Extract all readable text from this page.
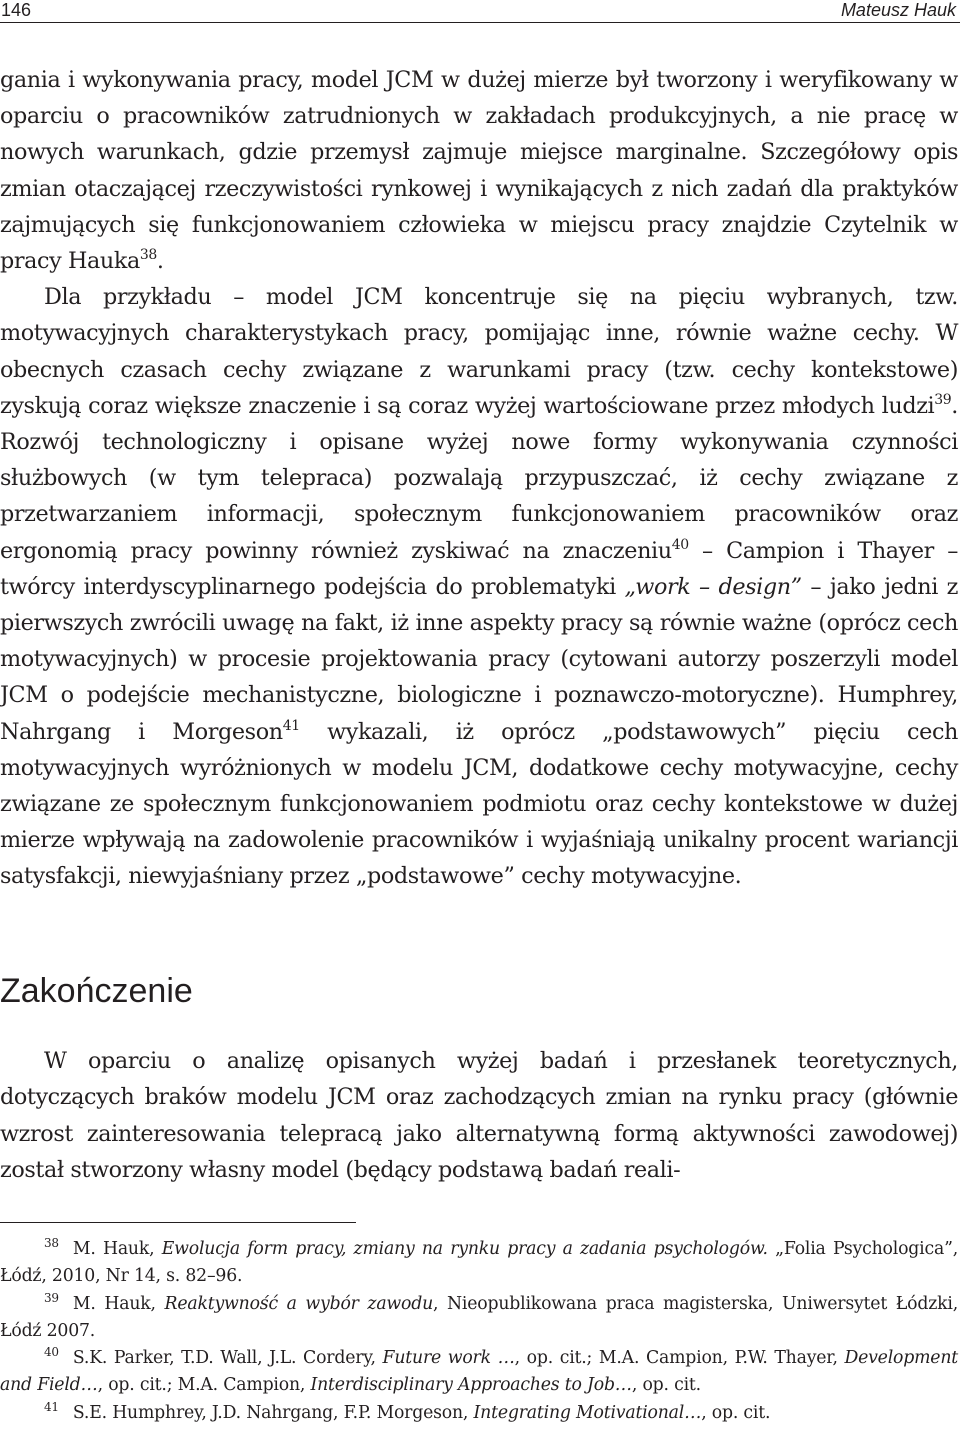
146	Mateusz Hauk

gania i wykonywania pracy, model JCM w dużej mierze był tworzony i weryfikowany w oparciu o pracowników zatrudnionych w zakładach produkcyjnych, a nie pracę w nowych warunkach, gdzie przemysł zajmuje miejsce marginalne. Szczegółowy opis zmian otaczającej rzeczywistości rynkowej i wynikających z nich zadań dla praktyków zajmujących się funkcjonowaniem człowieka w miejscu pracy znajdzie Czytelnik w pracy Hauka$^{38}$.

Dla przykładu – model JCM koncentruje się na pięciu wybranych, tzw. motywacyjnych charakterystykach pracy, pomijając inne, równie ważne cechy. W obecnych czasach cechy związane z warunkami pracy (tzw. cechy kontekstowe) zyskują coraz większe znaczenie i są coraz wyżej wartościowane przez młodych ludzi$^{39}$. Rozwój technologiczny i opisane wyżej nowe formy wykonywania czynności służbowych (w tym telepraca) pozwalają przypuszczać, iż cechy związane z przetwarzaniem informacji, społecznym funkcjonowaniem pracowników oraz ergonomią pracy powinny również zyskiwać na znaczeniu$^{40}$ – Campion i Thayer – twórcy interdyscyplinarnego podejścia do problematyki „work – design” – jako jedni z pierwszych zwrócili uwagę na fakt, iż inne aspekty pracy są równie ważne (oprócz cech motywacyjnych) w procesie projektowania pracy (cytowani autorzy poszerzyli model JCM o podejście mechanistyczne, biologiczne i poznawczo-motoryczne). Humphrey, Nahrgang i Morgeson$^{41}$ wykazali, iż oprócz „podstawowych” pięciu cech motywacyjnych wyróżnionych w modelu JCM, dodatkowe cechy motywacyjne, cechy związane ze społecznym funkcjonowaniem podmiotu oraz cechy kontekstowe w dużej mierze wpływają na zadowolenie pracowników i wyjaśniają unikalny procent wariancji satysfakcji, niewyjaśniany przez „podstawowe” cechy motywacyjne.

Zakończenie

W oparciu o analizę opisanych wyżej badań i przesłanek teoretycznych, dotyczących braków modelu JCM oraz zachodzących zmian na rynku pracy (głównie wzrost zainteresowania telepracą jako alternatywną formą aktywności zawodowej) został stworzony własny model (będący podstawą badań reali-

$^{38}$ M. Hauk, Ewolucja form pracy, zmiany na rynku pracy a zadania psychologów. „Folia Psychologica”, Łódź, 2010, Nr 14, s. 82–96.

$^{39}$ M. Hauk, Reaktywność a wybór zawodu, Nieopublikowana praca magisterska, Uniwersytet Łódzki, Łódź 2007.

$^{40}$ S.K. Parker, T.D. Wall, J.L. Cordery, Future work …, op. cit.; M.A. Campion, P.W. Thayer, Development and Field…, op. cit.; M.A. Campion, Interdisciplinary Approaches to Job…, op. cit.

$^{41}$ S.E. Humphrey, J.D. Nahrgang, F.P. Morgeson, Integrating Motivational…, op. cit.
